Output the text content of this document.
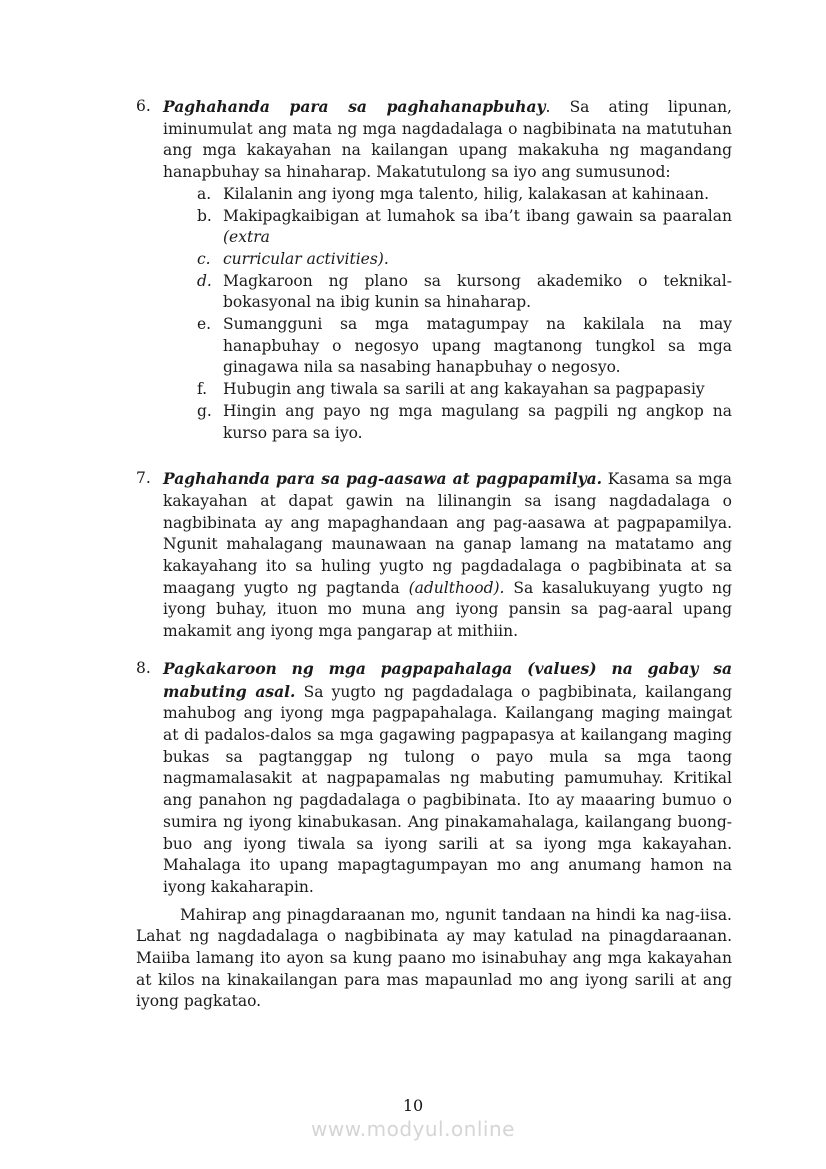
6. Paghahanda para sa paghahanapbuhay. Sa ating lipunan, iminumulat ang mata ng mga nagdadalaga o nagbibinata na matutuhan ang mga kakayahan na kailangan upang makakuha ng magandang hanapbuhay sa hinaharap. Makatutulong sa iyo ang sumusunod:

a. Kilalanin ang iyong mga talento, hilig, kalakasan at kahinaan.

b. Makipagkaibigan at lumahok sa iba’t ibang gawain sa paaralan (extra

c. curricular activities).

d. Magkaroon ng plano sa kursong akademiko o teknikal-bokasyonal na ibig kunin sa hinaharap.

e. Sumangguni sa mga matagumpay na kakilala na may hanapbuhay o negosyo upang magtanong tungkol sa mga ginagawa nila sa nasabing hanapbuhay o negosyo.

f.	Hubugin ang tiwala sa sarili at ang kakayahan sa pagpapasiy

g. Hingin ang payo ng mga magulang sa pagpili ng angkop na kurso para sa iyo.

7. Paghahanda para sa pag-aasawa at pagpapamilya. Kasama sa mga kakayahan at dapat gawin na lilinangin sa isang nagdadalaga o nagbibinata ay ang mapaghandaan ang pag-aasawa at pagpapamilya. Ngunit mahalagang maunawaan na ganap lamang na matatamo ang kakayahang ito sa huling yugto ng pagdadalaga o pagbibinata at sa maagang yugto ng pagtanda (adulthood). Sa kasalukuyang yugto ng iyong buhay, ituon mo muna ang iyong pansin sa pag-aaral upang makamit ang iyong mga pangarap at mithiin.

8. Pagkakaroon ng mga pagpapahalaga (values) na gabay sa mabuting asal. Sa yugto ng pagdadalaga o pagbibinata, kailangang mahubog ang iyong mga pagpapahalaga. Kailangang maging maingat at di padalos-dalos sa mga gagawing pagpapasya at kailangang maging bukas sa pagtanggap ng tulong o payo mula sa mga taong nagmamalasakit at nagpapamalas ng mabuting pamumuhay. Kritikal ang panahon ng pagdadalaga o pagbibinata. Ito ay maaaring bumuo o sumira ng iyong kinabukasan. Ang pinakamahalaga, kailangang buong-buo ang iyong tiwala sa iyong sarili at sa iyong mga kakayahan. Mahalaga ito upang mapagtagumpayan mo ang anumang hamon na iyong kakaharapin.

Mahirap ang pinagdaraanan mo, ngunit tandaan na hindi ka nag-iisa. Lahat ng nagdadalaga o nagbibinata ay may katulad na pinagdaraanan. Maiiba lamang ito ayon sa kung paano mo isinabuhay ang mga kakayahan at kilos na kinakailangan para mas mapaunlad mo ang iyong sarili at ang iyong pagkatao.

10
www.modyul.online
